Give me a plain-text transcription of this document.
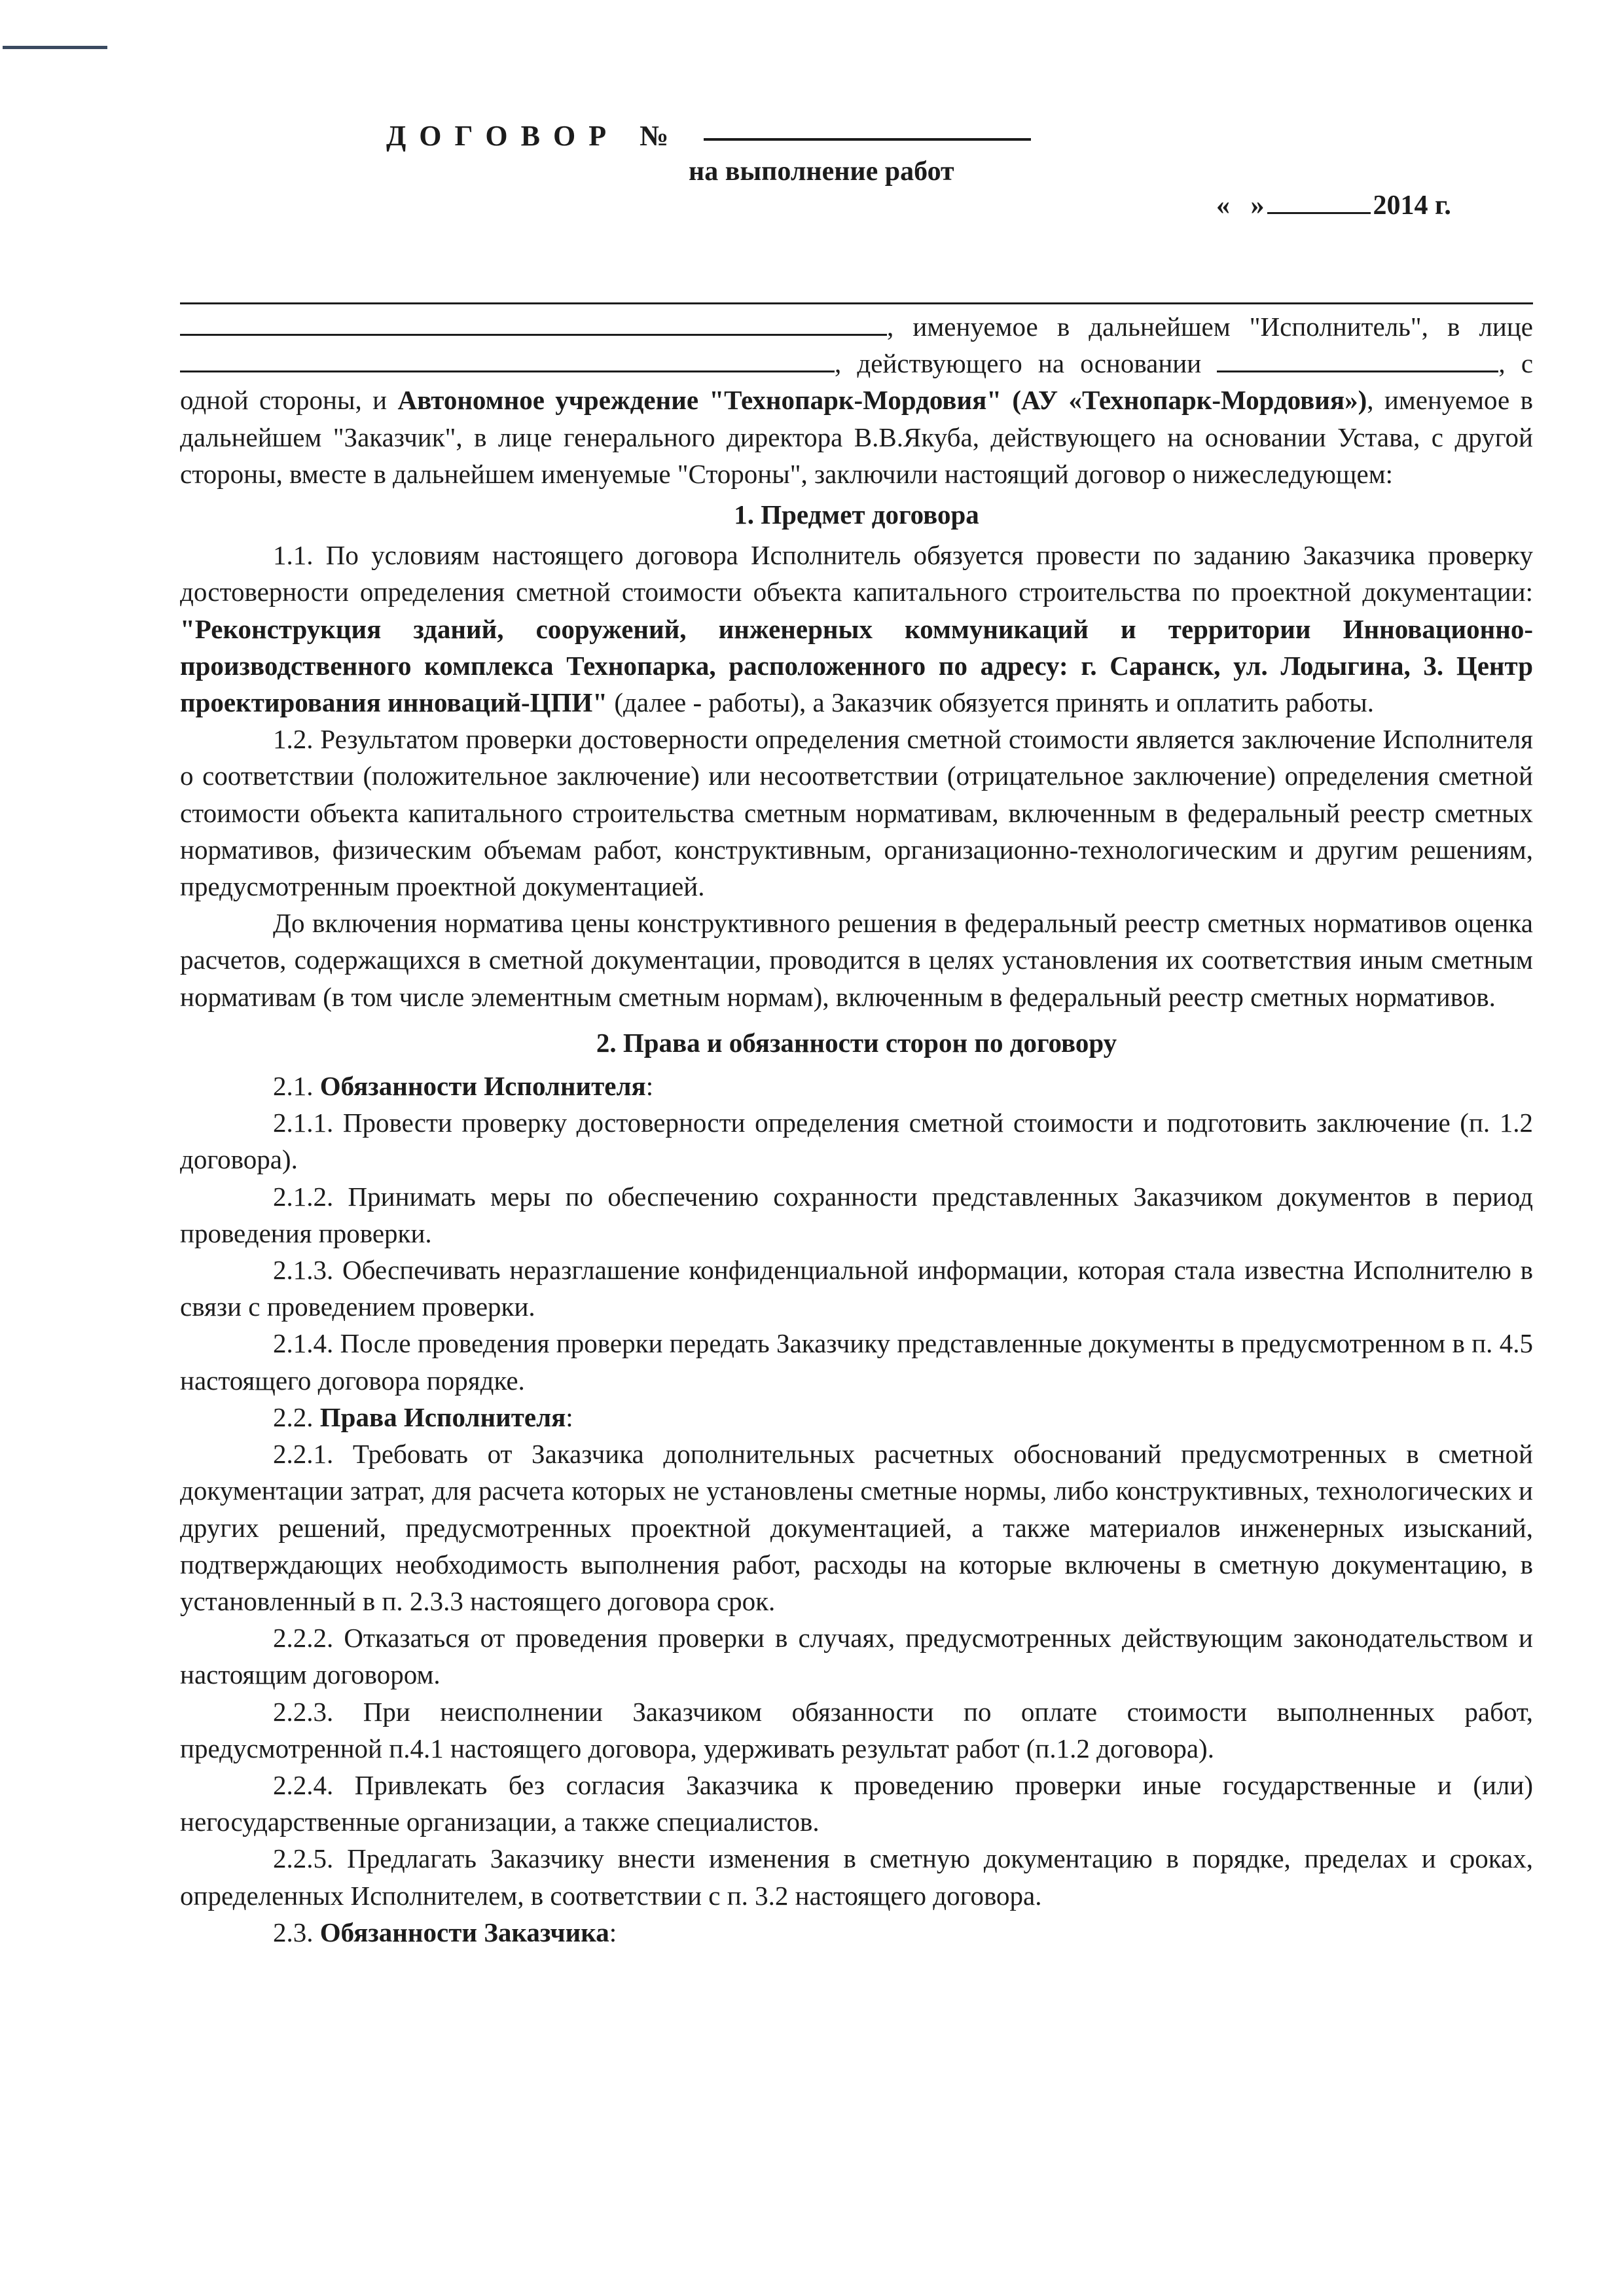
ДОГОВОР №
на выполнение работ
« »	2014 г.

, именуемое в дальнейшем "Исполнитель", в лице , действующего на основании	, с одной стороны, и Автономное учреждение "Технопарк-Мордовия" (АУ «Технопарк-Мордовия»), именуемое в дальнейшем "Заказчик", в лице генерального директора В.В.Якуба, действующего на основании Устава, с другой стороны, вместе в дальнейшем именуемые "Стороны", заключили настоящий договор о нижеследующем:

1. Предмет договора

1.1. По условиям настоящего договора Исполнитель обязуется провести по заданию Заказчика проверку достоверности определения сметной стоимости объекта капитального строительства по проектной документации: "Реконструкция зданий, сооружений, инженерных коммуникаций и территории Инновационно-производственного комплекса Технопарка, расположенного по адресу: г. Саранск, ул. Лодыгина, 3. Центр проектирования инноваций-ЦПИ" (далее - работы), а Заказчик обязуется принять и оплатить работы.

1.2. Результатом проверки достоверности определения сметной стоимости является заключение Исполнителя о соответствии (положительное заключение) или несоответствии (отрицательное заключение) определения сметной стоимости объекта капитального строительства сметным нормативам, включенным в федеральный реестр сметных нормативов, физическим объемам работ, конструктивным, организационно-технологическим и другим решениям, предусмотренным проектной документацией.

До включения норматива цены конструктивного решения в федеральный реестр сметных нормативов оценка расчетов, содержащихся в сметной документации, проводится в целях установления их соответствия иным сметным нормативам (в том числе элементным сметным нормам), включенным в федеральный реестр сметных нормативов.

2. Права и обязанности сторон по договору

2.1. Обязанности Исполнителя:

2.1.1. Провести проверку достоверности определения сметной стоимости и подготовить заключение (п. 1.2 договора).

2.1.2. Принимать меры по обеспечению сохранности представленных Заказчиком документов в период проведения проверки.

2.1.3. Обеспечивать неразглашение конфиденциальной информации, которая стала известна Исполнителю в связи с проведением проверки.

2.1.4. После проведения проверки передать Заказчику представленные документы в предусмотренном в п. 4.5 настоящего договора порядке.

2.2. Права Исполнителя:

2.2.1. Требовать от Заказчика дополнительных расчетных обоснований предусмотренных в сметной документации затрат, для расчета которых не установлены сметные нормы, либо конструктивных, технологических и других решений, предусмотренных проектной документацией, а также материалов инженерных изысканий, подтверждающих необходимость выполнения работ, расходы на которые включены в сметную документацию, в установленный в п. 2.3.3 настоящего договора срок.

2.2.2. Отказаться от проведения проверки в случаях, предусмотренных действующим законодательством и настоящим договором.

2.2.3. При неисполнении Заказчиком обязанности по оплате стоимости выполненных работ, предусмотренной п.4.1 настоящего договора, удерживать результат работ (п.1.2 договора).

2.2.4. Привлекать без согласия Заказчика к проведению проверки иные государственные и (или) негосударственные организации, а также специалистов.

2.2.5. Предлагать Заказчику внести изменения в сметную документацию в порядке, пределах и сроках, определенных Исполнителем, в соответствии с п. 3.2 настоящего договора.

2.3. Обязанности Заказчика:
